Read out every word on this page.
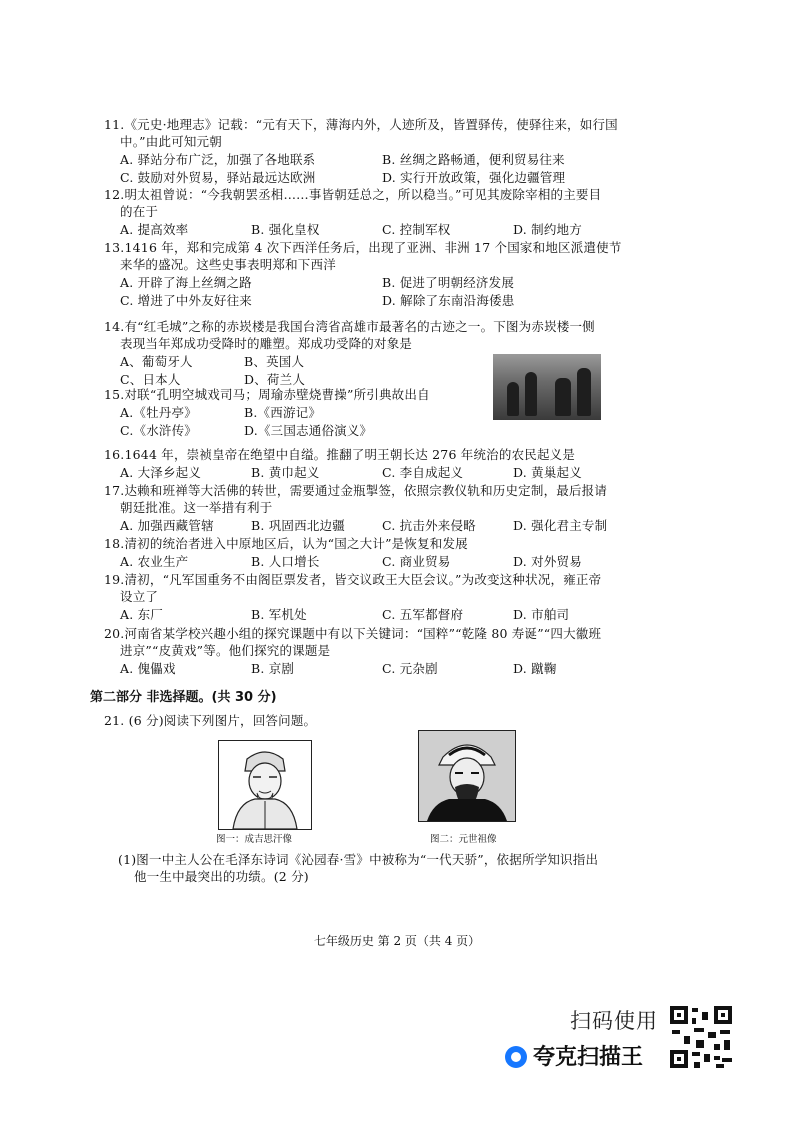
11.《元史·地理志》记载：“元有天下，薄海内外，人迹所及，皆置驿传，使驿往来，如行国
中。”由此可知元朝
A. 驿站分布广泛，加强了各地联系	B. 丝绸之路畅通，便利贸易往来
C. 鼓励对外贸易，驿站最远达欧洲	D. 实行开放政策，强化边疆管理
12.明太祖曾说：“今我朝罢丞相……事皆朝廷总之，所以稳当。”可见其废除宰相的主要目
的在于
A. 提高效率	B. 强化皇权	C. 控制军权	D. 制约地方
13.1416 年，郑和完成第 4 次下西洋任务后，出现了亚洲、非洲 17 个国家和地区派遣使节
来华的盛况。这些史事表明郑和下西洋
A. 开辟了海上丝绸之路	B. 促进了明朝经济发展
C. 增进了中外友好往来	D. 解除了东南沿海倭患
14.有“红毛城”之称的赤崁楼是我国台湾省高雄市最著名的古迹之一。下图为赤崁楼一侧
表现当年郑成功受降时的雕塑。郑成功受降的对象是
A、葡萄牙人	B、英国人
C、日本人	D、荷兰人
15.对联“孔明空城戏司马；周瑜赤壁烧曹操”所引典故出自
A.《牡丹亭》	B.《西游记》
C.《水浒传》	D.《三国志通俗演义》
16.1644 年，崇祯皇帝在绝望中自缢。推翻了明王朝长达 276 年统治的农民起义是
A. 大泽乡起义	B. 黄巾起义	C. 李自成起义	D. 黄巢起义
17.达赖和班禅等大活佛的转世，需要通过金瓶掣签，依照宗教仪轨和历史定制，最后报请
朝廷批准。这一举措有利于
A. 加强西藏管辖	B. 巩固西北边疆	C. 抗击外来侵略	D. 强化君主专制
18.清初的统治者进入中原地区后，认为“国之大计”是恢复和发展
A. 农业生产	B. 人口增长	C. 商业贸易	D. 对外贸易
19.清初，“凡军国重务不由阁臣票发者，皆交议政王大臣会议。”为改变这种状况，雍正帝
设立了
A. 东厂	B. 军机处	C. 五军都督府	D. 市舶司
20.河南省某学校兴趣小组的探究课题中有以下关键词：“国粹”“乾隆 80 寿诞”“四大徽班
进京”“皮黄戏”等。他们探究的课题是
A. 傀儡戏	B. 京剧	C. 元杂剧	D. 蹴鞠
第二部分 非选择题。(共 30 分)
21. (6 分)阅读下列图片，回答问题。
图一：成吉思汗像	图二：元世祖像
(1)图一中主人公在毛泽东诗词《沁园春·雪》中被称为“一代天骄”，依据所学知识指出
他一生中最突出的功绩。(2 分)
七年级历史 第 2 页（共 4 页）
扫码使用
夸克扫描王
